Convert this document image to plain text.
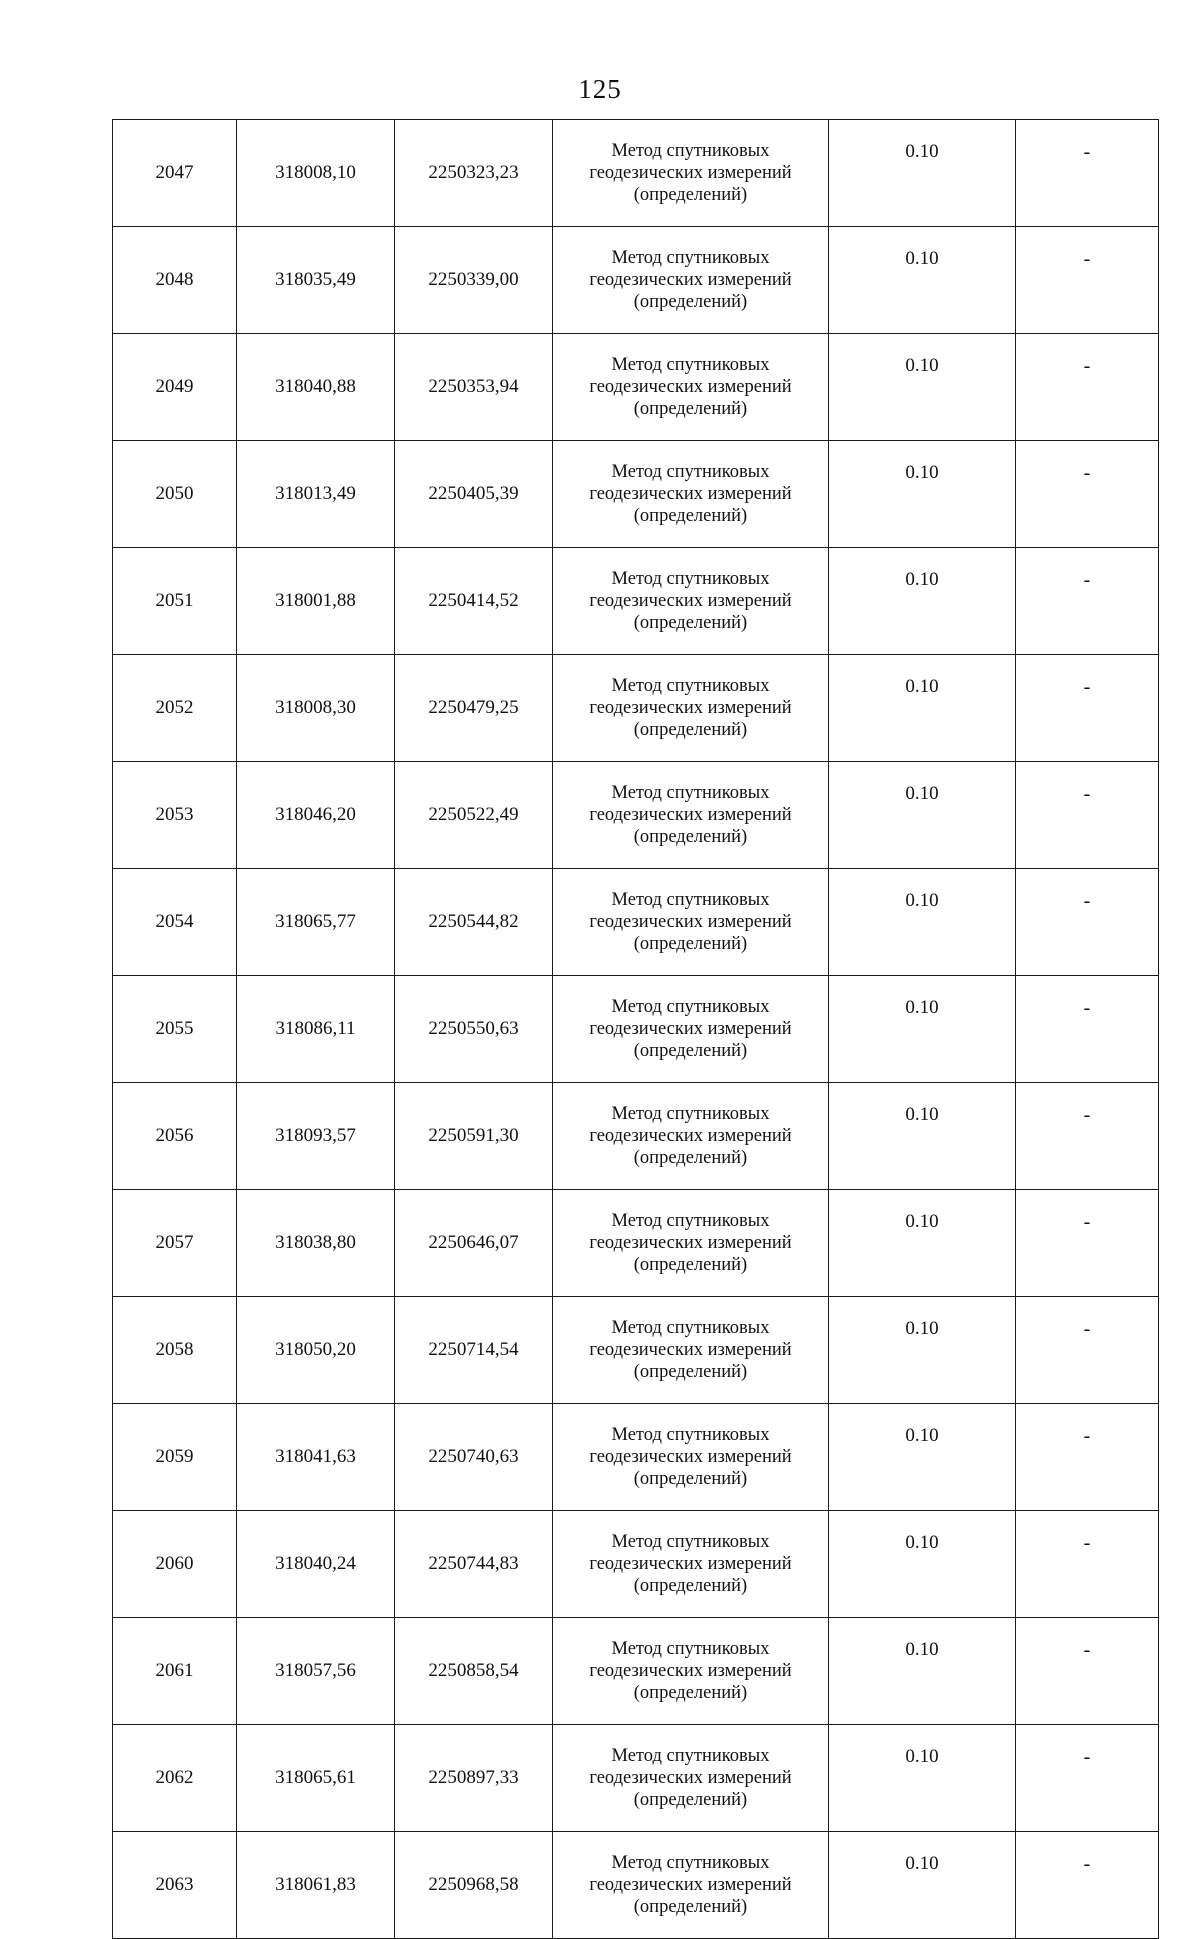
125
2047	318008,10	2250323,23	Метод спутниковых геодезических измерений (определений)	0.10	-
2048	318035,49	2250339,00	Метод спутниковых геодезических измерений (определений)	0.10	-
2049	318040,88	2250353,94	Метод спутниковых геодезических измерений (определений)	0.10	-
2050	318013,49	2250405,39	Метод спутниковых геодезических измерений (определений)	0.10	-
2051	318001,88	2250414,52	Метод спутниковых геодезических измерений (определений)	0.10	-
2052	318008,30	2250479,25	Метод спутниковых геодезических измерений (определений)	0.10	-
2053	318046,20	2250522,49	Метод спутниковых геодезических измерений (определений)	0.10	-
2054	318065,77	2250544,82	Метод спутниковых геодезических измерений (определений)	0.10	-
2055	318086,11	2250550,63	Метод спутниковых геодезических измерений (определений)	0.10	-
2056	318093,57	2250591,30	Метод спутниковых геодезических измерений (определений)	0.10	-
2057	318038,80	2250646,07	Метод спутниковых геодезических измерений (определений)	0.10	-
2058	318050,20	2250714,54	Метод спутниковых геодезических измерений (определений)	0.10	-
2059	318041,63	2250740,63	Метод спутниковых геодезических измерений (определений)	0.10	-
2060	318040,24	2250744,83	Метод спутниковых геодезических измерений (определений)	0.10	-
2061	318057,56	2250858,54	Метод спутниковых геодезических измерений (определений)	0.10	-
2062	318065,61	2250897,33	Метод спутниковых геодезических измерений (определений)	0.10	-
2063	318061,83	2250968,58	Метод спутниковых геодезических измерений (определений)	0.10	-
